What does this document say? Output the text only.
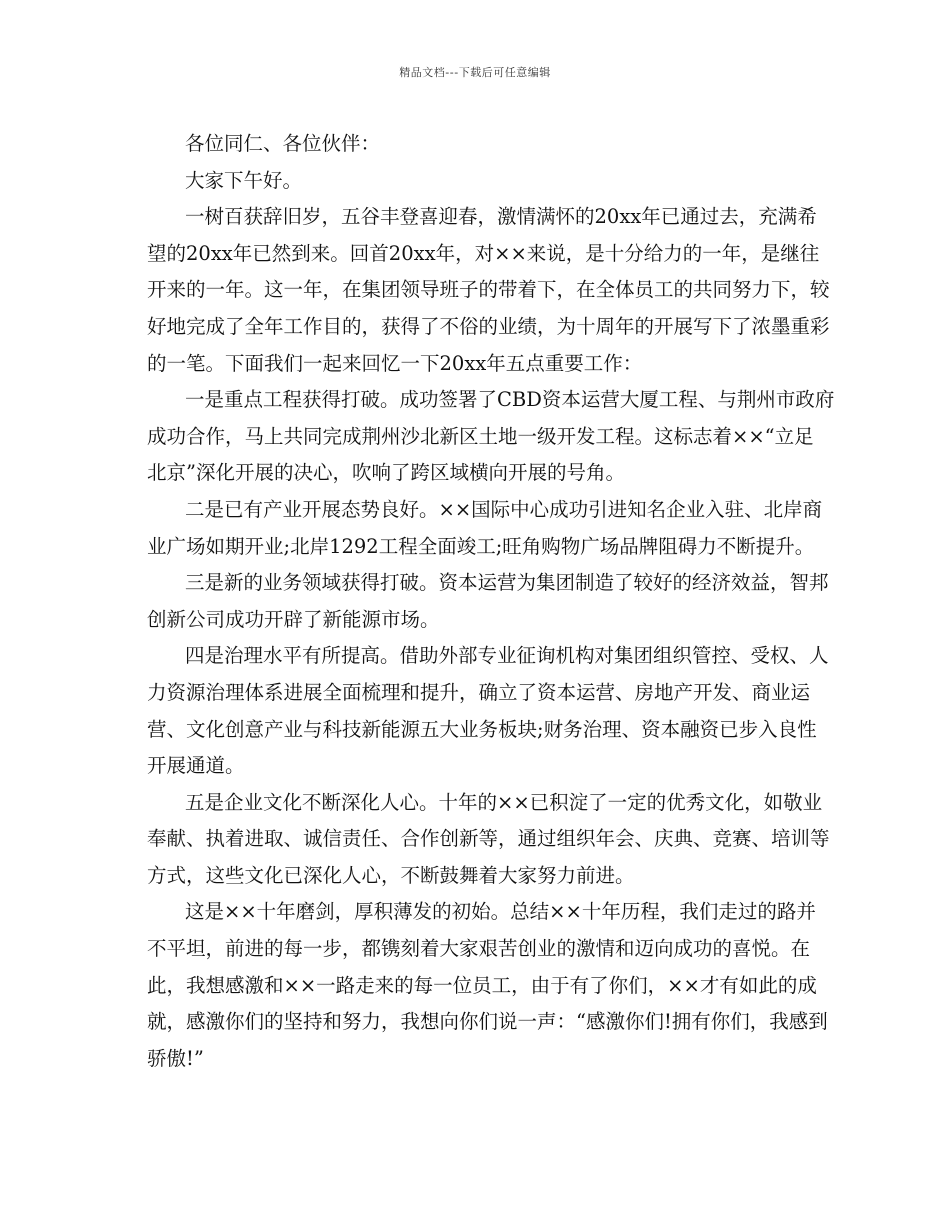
精品文档---下载后可任意编辑
各位同仁、各位伙伴：
大家下午好。
一树百获辞旧岁，五谷丰登喜迎春，激情满怀的20xx年已通过去，充满希
望的20xx年已然到来。回首20xx年，对××来说，是十分给力的一年，是继往
开来的一年。这一年，在集团领导班子的带着下，在全体员工的共同努力下，较
好地完成了全年工作目的，获得了不俗的业绩，为十周年的开展写下了浓墨重彩
的一笔。下面我们一起来回忆一下20xx年五点重要工作：
一是重点工程获得打破。成功签署了CBD资本运营大厦工程、与荆州市政府
成功合作，马上共同完成荆州沙北新区土地一级开发工程。这标志着××“立足
北京”深化开展的决心，吹响了跨区域横向开展的号角。
二是已有产业开展态势良好。××国际中心成功引进知名企业入驻、北岸商
业广场如期开业;北岸1292工程全面竣工;旺角购物广场品牌阻碍力不断提升。
三是新的业务领域获得打破。资本运营为集团制造了较好的经济效益，智邦
创新公司成功开辟了新能源市场。
四是治理水平有所提高。借助外部专业征询机构对集团组织管控、受权、人
力资源治理体系进展全面梳理和提升，确立了资本运营、房地产开发、商业运
营、文化创意产业与科技新能源五大业务板块;财务治理、资本融资已步入良性
开展通道。
五是企业文化不断深化人心。十年的××已积淀了一定的优秀文化，如敬业
奉献、执着进取、诚信责任、合作创新等，通过组织年会、庆典、竞赛、培训等
方式，这些文化已深化人心，不断鼓舞着大家努力前进。
这是××十年磨剑，厚积薄发的初始。总结××十年历程，我们走过的路并
不平坦，前进的每一步，都镌刻着大家艰苦创业的激情和迈向成功的喜悦。在
此，我想感激和××一路走来的每一位员工，由于有了你们，××才有如此的成
就，感激你们的坚持和努力，我想向你们说一声：“感激你们!拥有你们，我感到
骄傲!”
